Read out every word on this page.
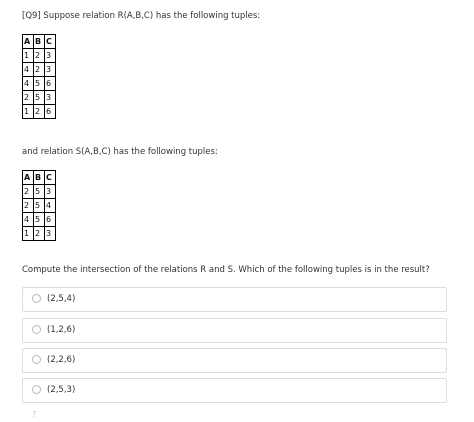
[Q9] Suppose relation R(A,B,C) has the following tuples:
A	B	C
1	2	3
4	2	3
4	5	6
2	5	3
1	2	6
and relation S(A,B,C) has the following tuples:
A	B	C
2	5	3
2	5	4
4	5	6
1	2	3
Compute the intersection of the relations R and S. Which of the following tuples is in the result?
(2,5,4)
(1,2,6)
(2,2,6)
(2,5,3)
?
